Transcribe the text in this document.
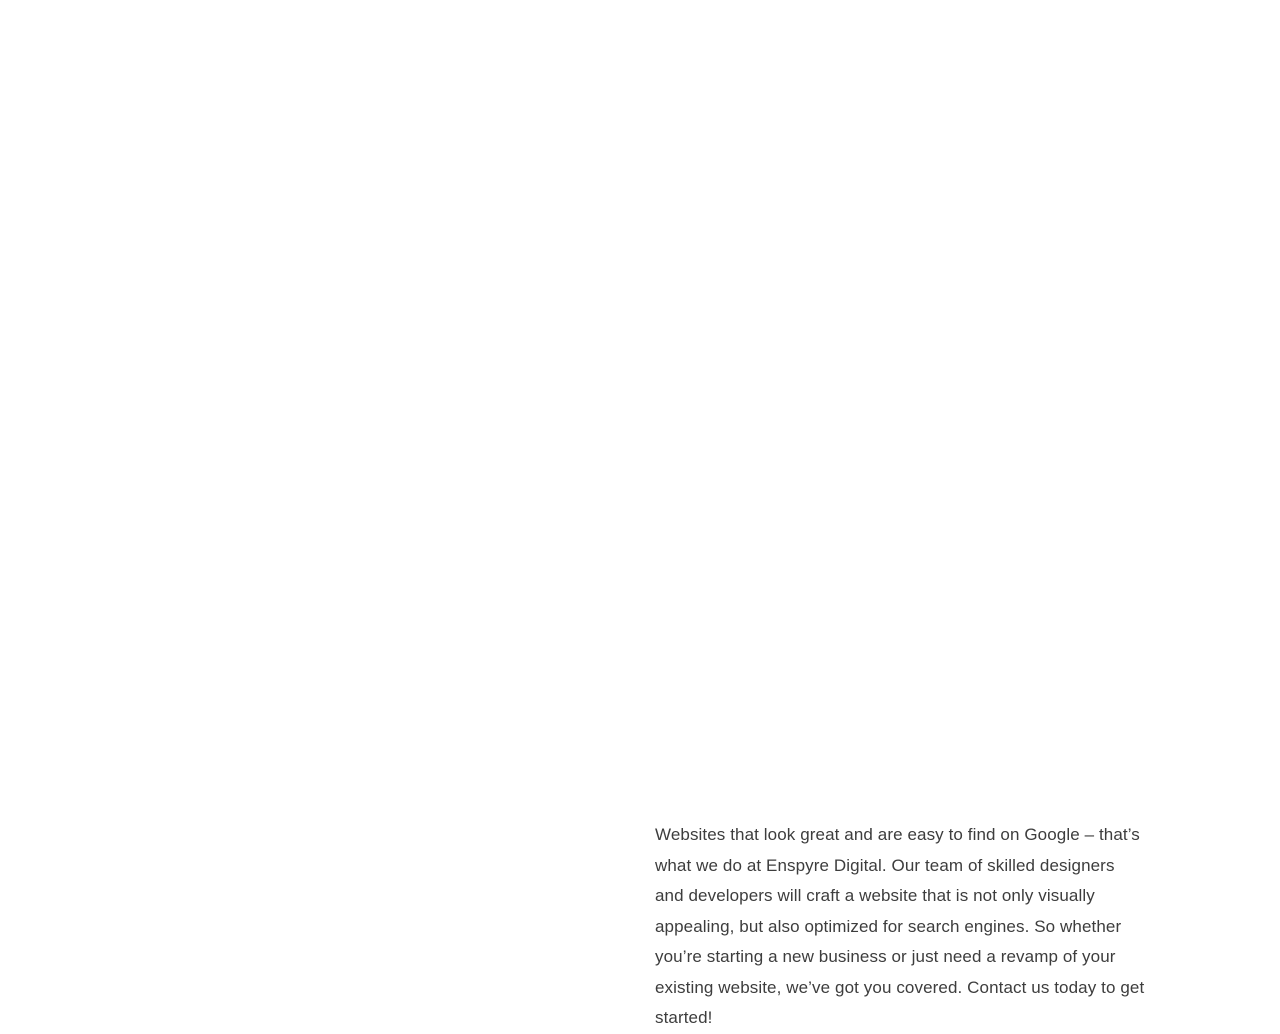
Websites that look great and are easy to find on Google – that’s what we do at Enspyre Digital. Our team of skilled designers and developers will craft a website that is not only visually appealing, but also optimized for search engines. So whether you’re starting a new business or just need a revamp of your existing website, we’ve got you covered. Contact us today to get started!
